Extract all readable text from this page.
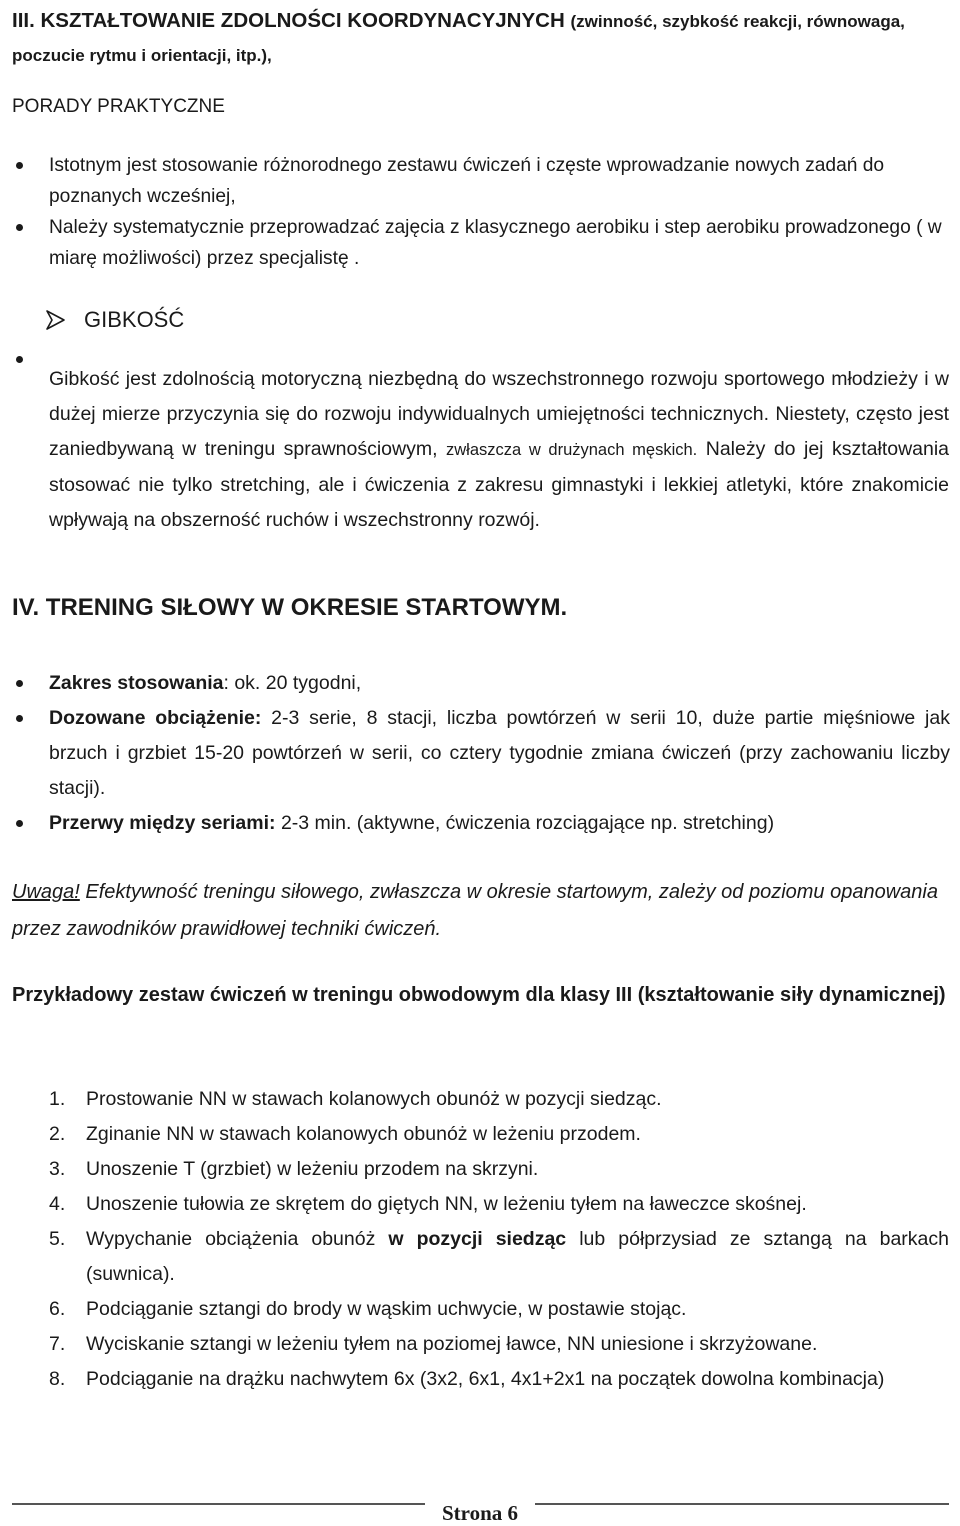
III. KSZTAŁTOWANIE ZDOLNOŚCI KOORDYNACYJNYCH (zwinność, szybkość reakcji, równowaga, poczucie rytmu i orientacji, itp.),

PORADY PRAKTYCZNE

Istotnym jest stosowanie różnorodnego zestawu ćwiczeń i częste wprowadzanie nowych zadań do poznanych wcześniej,
Należy systematycznie przeprowadzać zajęcia z klasycznego aerobiku i step aerobiku prowadzonego ( w miarę możliwości) przez specjalistę .
GIBKOŚĆ

Gibkość jest zdolnością motoryczną niezbędną do wszechstronnego rozwoju sportowego młodzieży i w dużej mierze przyczynia się do rozwoju indywidualnych umiejętności technicznych. Niestety, często jest zaniedbywaną w treningu sprawnościowym, zwłaszcza w drużynach męskich. Należy do jej kształtowania stosować nie tylko stretching, ale i ćwiczenia z zakresu gimnastyki i lekkiej atletyki, które znakomicie wpływają na obszerność ruchów i wszechstronny rozwój.

IV. TRENING SIŁOWY W OKRESIE STARTOWYM.

Zakres stosowania: ok. 20 tygodni,
Dozowane obciążenie: 2-3 serie, 8 stacji, liczba powtórzeń w serii 10, duże partie mięśniowe jak brzuch i grzbiet 15-20 powtórzeń w serii, co cztery tygodnie zmiana ćwiczeń (przy zachowaniu liczby stacji).
Przerwy między seriami: 2-3 min. (aktywne, ćwiczenia rozciągające np. stretching)

Uwaga! Efektywność treningu siłowego, zwłaszcza w okresie startowym, zależy od poziomu opanowania przez zawodników prawidłowej techniki ćwiczeń.

Przykładowy zestaw ćwiczeń w treningu obwodowym dla klasy III (kształtowanie siły dynamicznej)

1. Prostowanie NN w stawach kolanowych obunóż w pozycji siedząc.
2. Zginanie NN w stawach kolanowych obunóż w leżeniu przodem.
3. Unoszenie T (grzbiet) w leżeniu przodem na skrzyni.
4. Unoszenie tułowia ze skrętem do giętych NN, w leżeniu tyłem na ławeczce skośnej.
5. Wypychanie obciążenia obunóż w pozycji siedząc lub półprzysiad ze sztangą na barkach (suwnica).
6. Podciąganie sztangi do brody w wąskim uchwycie, w postawie stojąc.
7. Wyciskanie sztangi w leżeniu tyłem na poziomej ławce, NN uniesione i skrzyżowane.
8. Podciąganie na drążku nachwytem 6x (3x2, 6x1, 4x1+2x1 na początek dowolna kombinacja)
Strona 6
